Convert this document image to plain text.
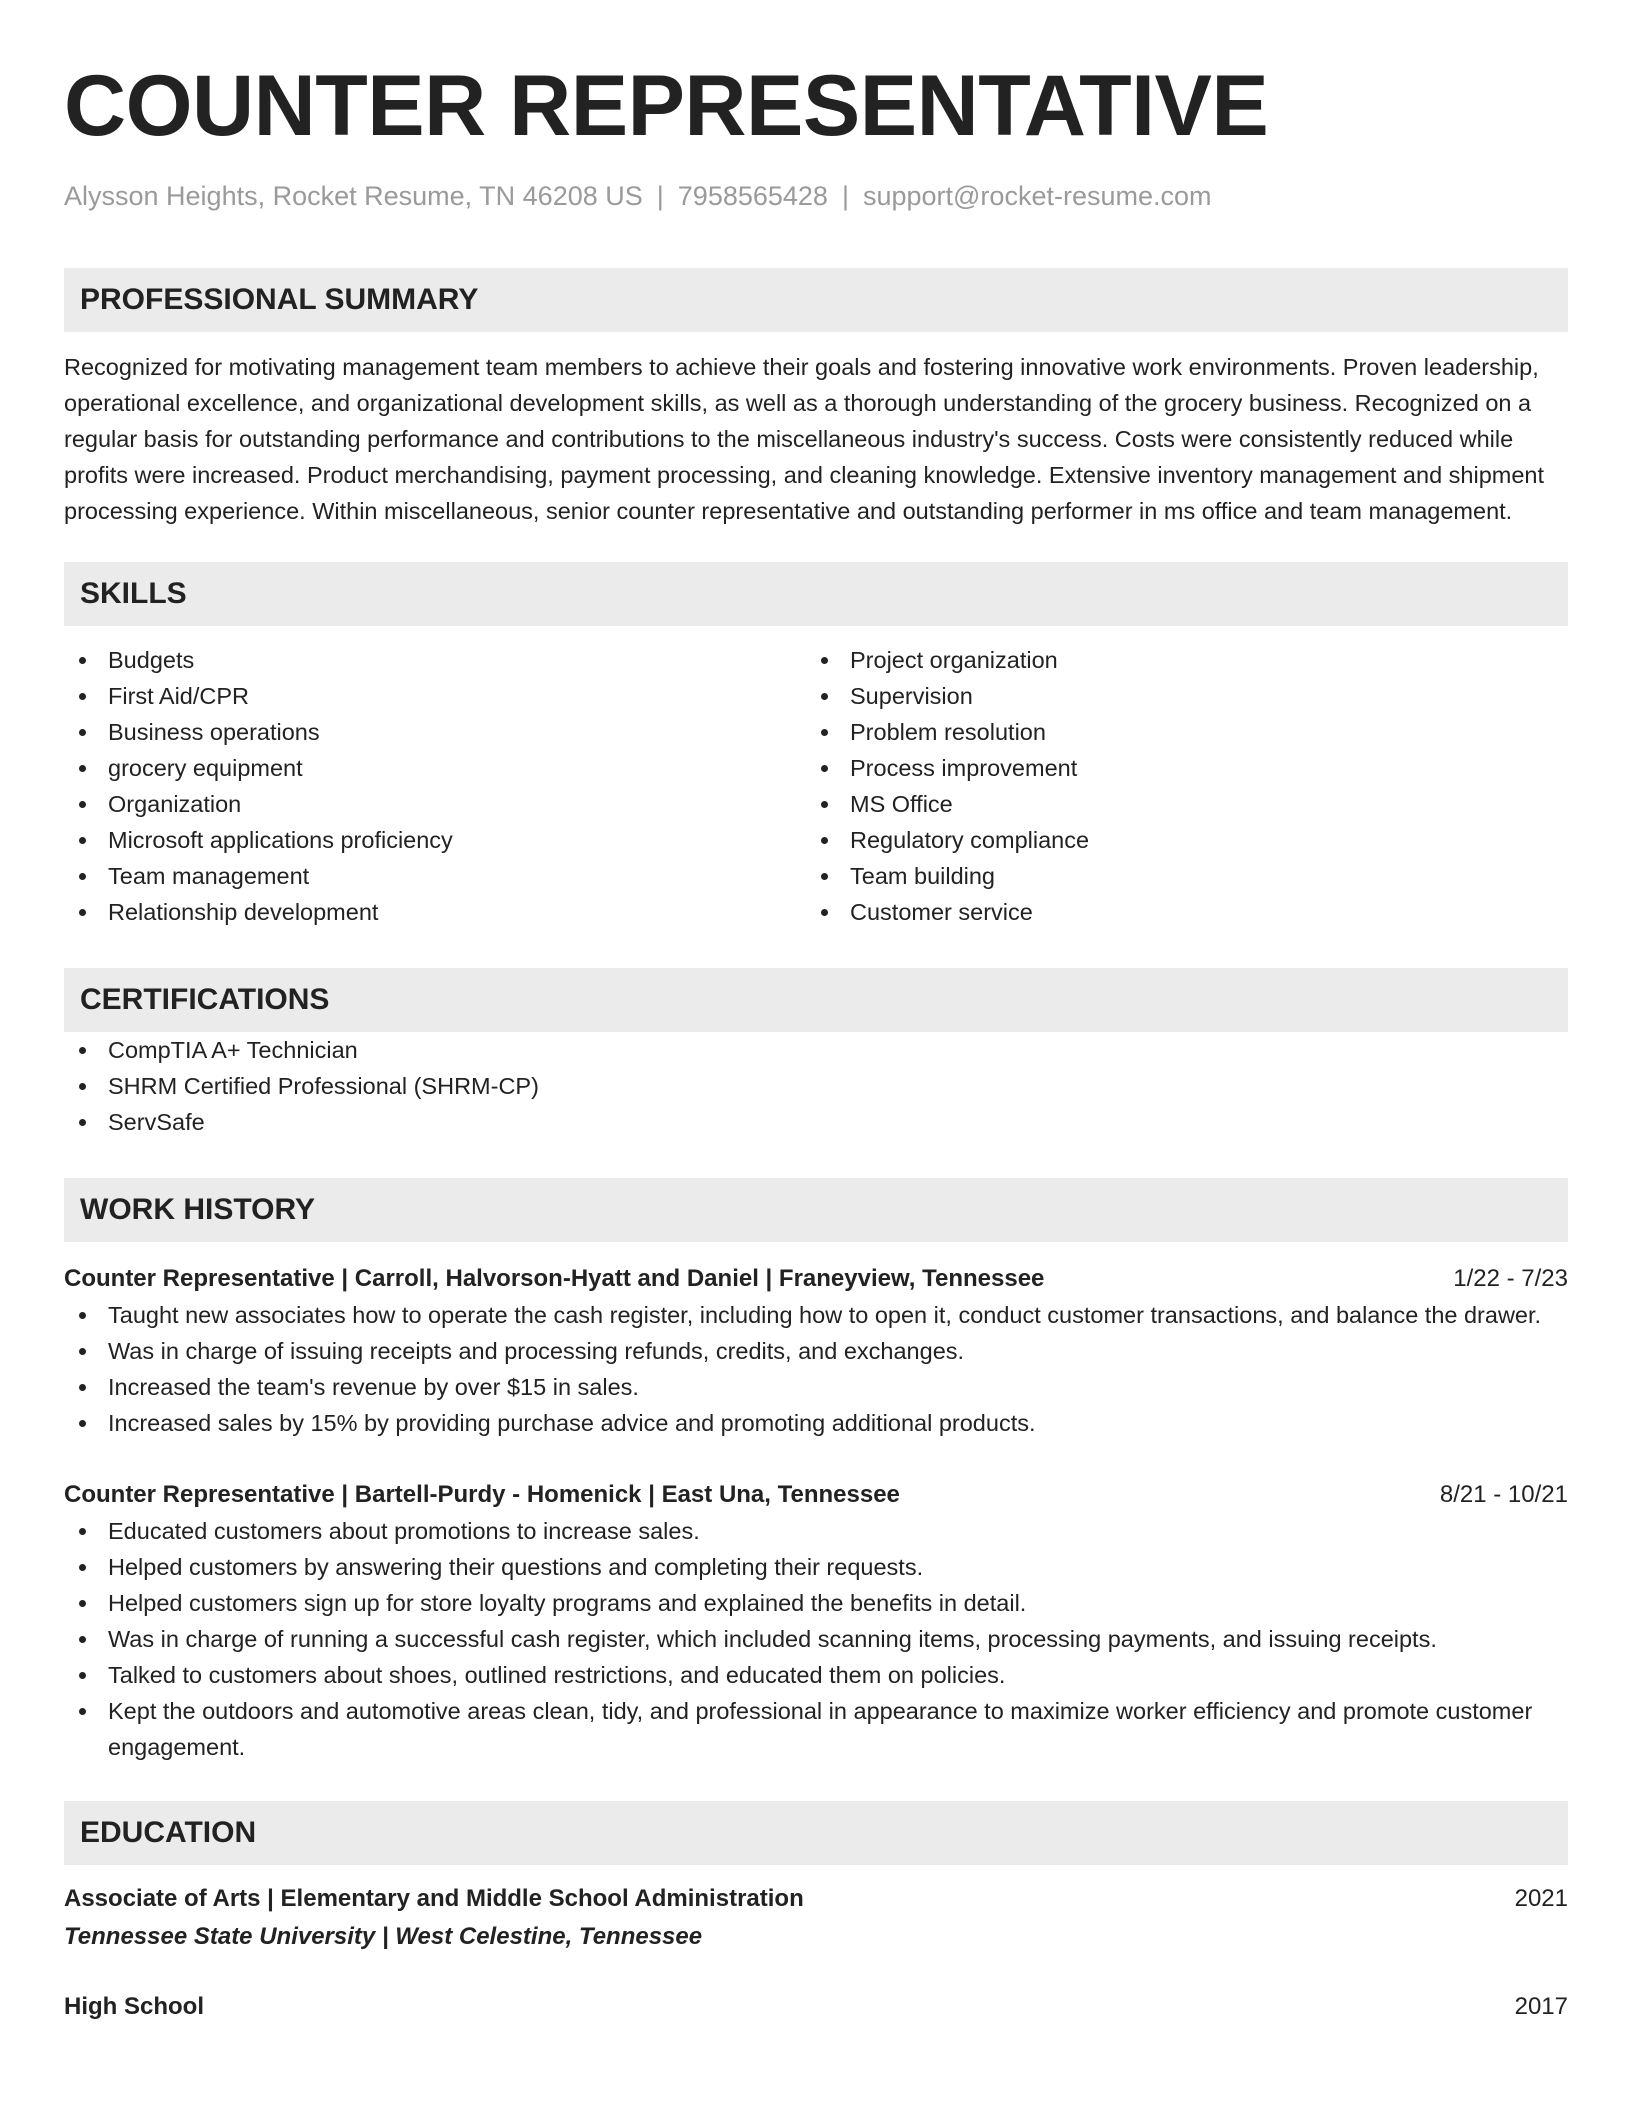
COUNTER REPRESENTATIVE
Alysson Heights, Rocket Resume, TN 46208 US | 7958565428 | support@rocket-resume.com
PROFESSIONAL SUMMARY

Recognized for motivating management team members to achieve their goals and fostering innovative work environments. Proven leadership, operational excellence, and organizational development skills, as well as a thorough understanding of the grocery business. Recognized on a regular basis for outstanding performance and contributions to the miscellaneous industry's success. Costs were consistently reduced while profits were increased. Product merchandising, payment processing, and cleaning knowledge. Extensive inventory management and shipment processing experience. Within miscellaneous, senior counter representative and outstanding performer in ms office and team management.

SKILLS
Budgets
First Aid/CPR
Business operations
grocery equipment
Organization
Microsoft applications proficiency
Team management
Relationship development
Project organization
Supervision
Problem resolution
Process improvement
MS Office
Regulatory compliance
Team building
Customer service
CERTIFICATIONS
CompTIA A+ Technician
SHRM Certified Professional (SHRM-CP)
ServSafe
WORK HISTORY
Counter Representative | Carroll, Halvorson-Hyatt and Daniel | Franeyview, Tennessee	1/22 - 7/23
Taught new associates how to operate the cash register, including how to open it, conduct customer transactions, and balance the drawer.
Was in charge of issuing receipts and processing refunds, credits, and exchanges.
Increased the team's revenue by over $15 in sales.
Increased sales by 15% by providing purchase advice and promoting additional products.
Counter Representative | Bartell-Purdy - Homenick | East Una, Tennessee	8/21 - 10/21
Educated customers about promotions to increase sales.
Helped customers by answering their questions and completing their requests.
Helped customers sign up for store loyalty programs and explained the benefits in detail.
Was in charge of running a successful cash register, which included scanning items, processing payments, and issuing receipts.
Talked to customers about shoes, outlined restrictions, and educated them on policies.
Kept the outdoors and automotive areas clean, tidy, and professional in appearance to maximize worker efficiency and promote customer engagement.
EDUCATION
Associate of Arts | Elementary and Middle School Administration	2021
Tennessee State University | West Celestine, Tennessee
High School	2017
